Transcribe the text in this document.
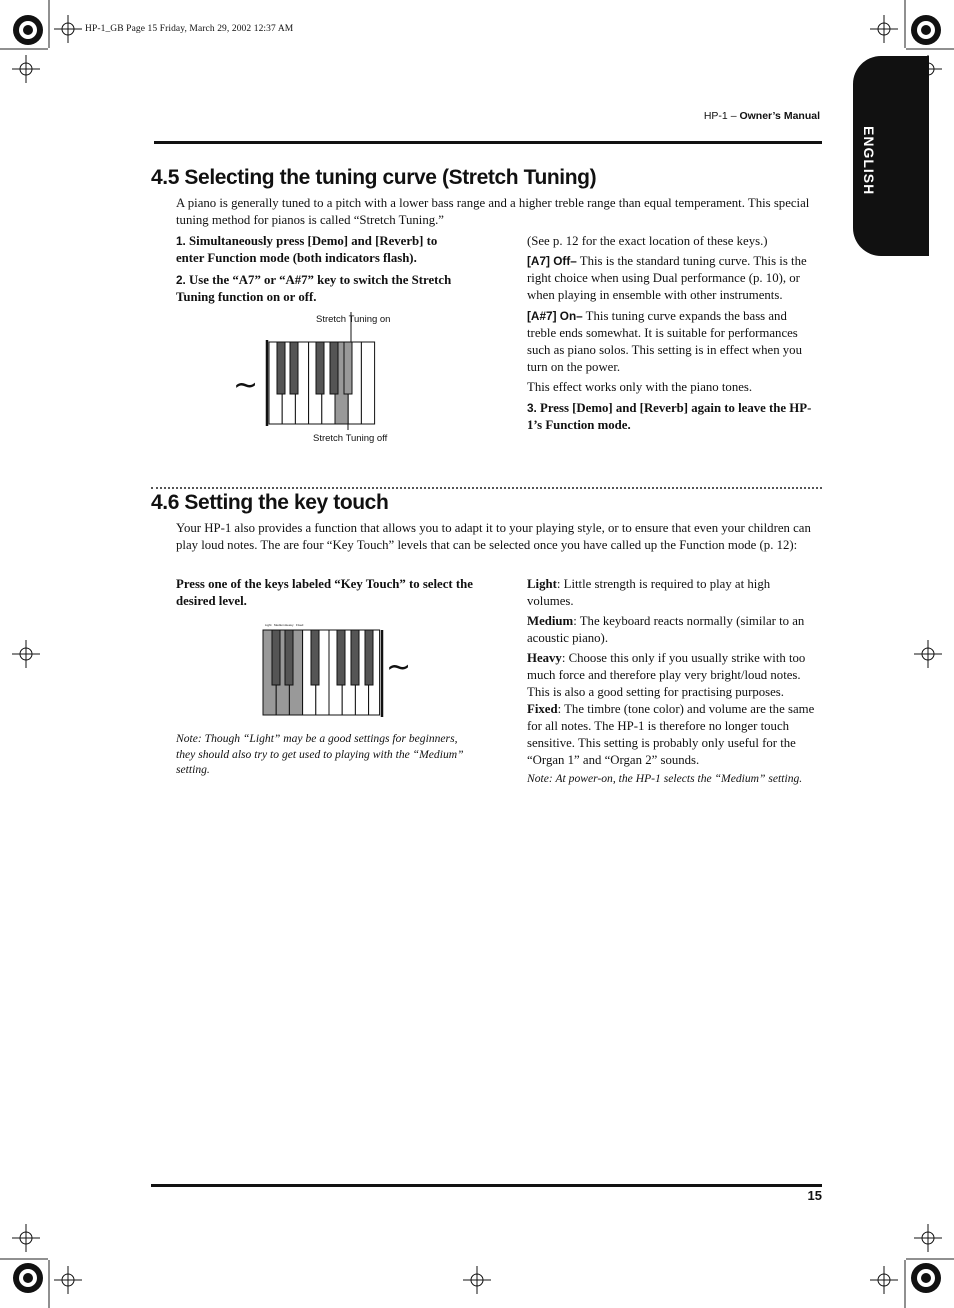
HP-1_GB Page 15 Friday, March 29, 2002 12:37 AM
ENGLISH
HP-1 – Owner’s Manual
4.5 Selecting the tuning curve (Stretch Tuning)

A piano is generally tuned to a pitch with a lower bass range and a higher treble range than equal temperament. This special tuning method for pianos is called “Stretch Tuning.”

1. Simultaneously press [Demo] and [Reverb] to enter Function mode (both indicators flash).

2. Use the “A7” or “A#7” key to switch the Stretch Tuning function on or off.

Stretch Tuning on
Stretch Tuning off
~

(See p. 12 for the exact location of these keys.)

[A7] Off– This is the standard tuning curve. This is the right choice when using Dual performance (p. 10), or when playing in ensemble with other instruments.

[A#7] On– This tuning curve expands the bass and treble ends somewhat. It is suitable for performances such as piano solos. This setting is in effect when you turn on the power.

This effect works only with the piano tones.

3. Press [Demo] and [Reverb] again to leave the HP-1’s Function mode.

4.6 Setting the key touch

Your HP-1 also provides a function that allows you to adapt it to your playing style, or to ensure that even your children can play loud notes. The are four “Key Touch” levels that can be selected once you have called up the Function mode (p. 12):

Press one of the keys labeled “Key Touch” to select the desired level.

Light Medium Heavy Fixed
~

Note: Though “Light” may be a good settings for beginners, they should also try to get used to playing with the “Medium” setting.

Light: Little strength is required to play at high volumes.

Medium: The keyboard reacts normally (similar to an acoustic piano).

Heavy: Choose this only if you usually strike with too much force and therefore play very bright/loud notes. This is also a good setting for practising purposes.

Fixed: The timbre (tone color) and volume are the same for all notes. The HP-1 is therefore no longer touch sensitive. This setting is probably only useful for the “Organ 1” and “Organ 2” sounds.

Note: At power-on, the HP-1 selects the “Medium” setting.

15
